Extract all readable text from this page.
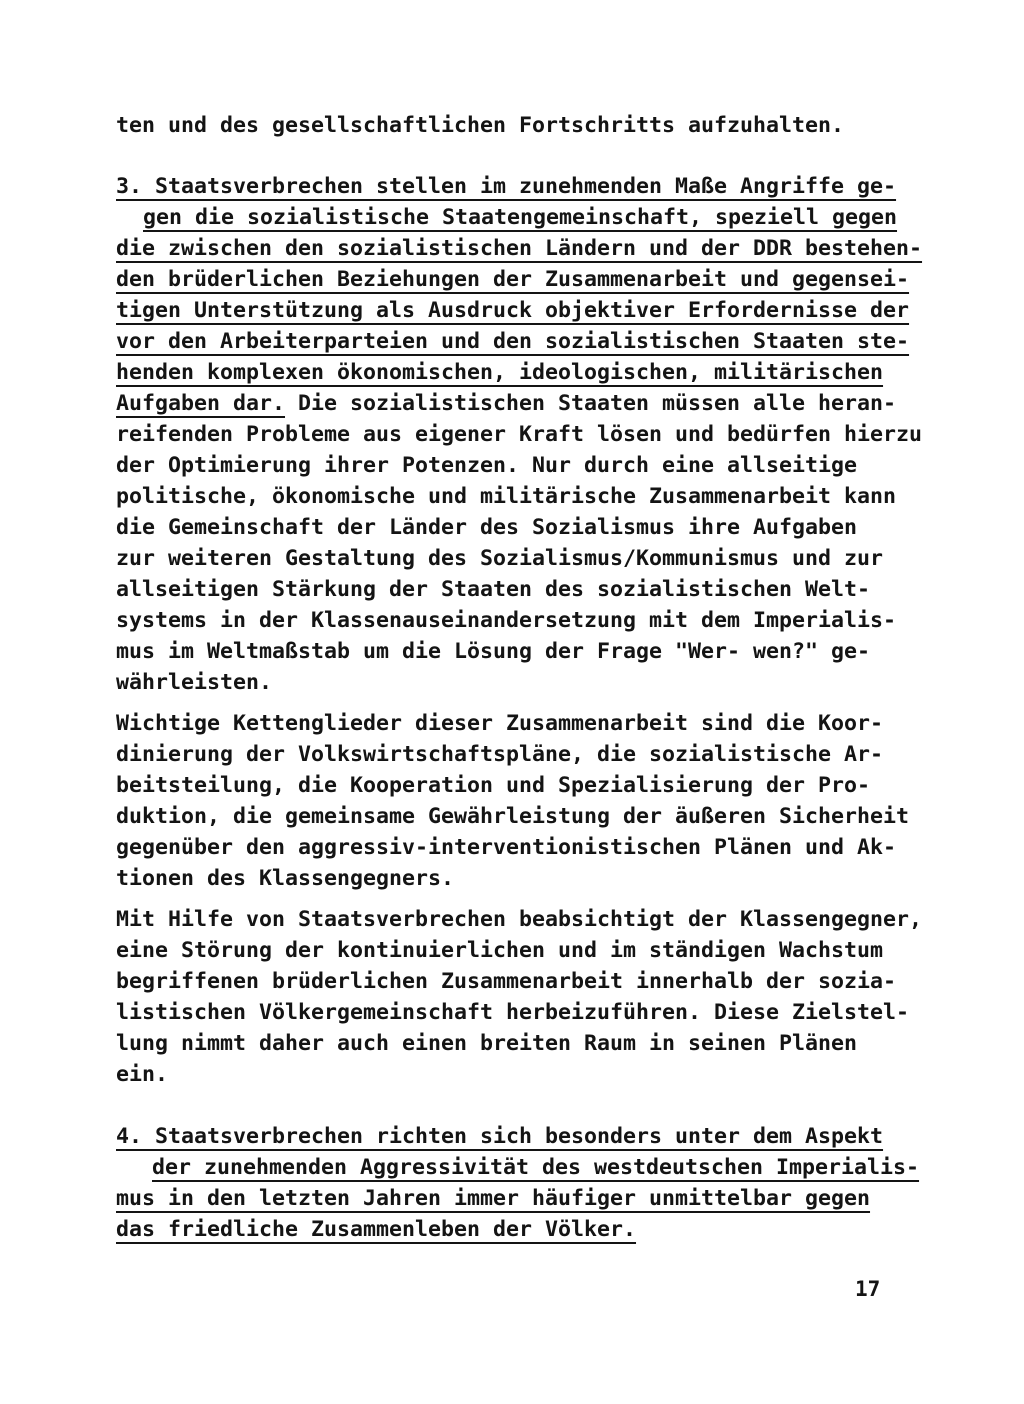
ten und des gesellschaftlichen Fortschritts aufzuhalten.
3. Staatsverbrechen stellen im zunehmenden Maße Angriffe ge-
gen die sozialistische Staatengemeinschaft, speziell gegen
die zwischen den sozialistischen Ländern und der DDR bestehen-
den brüderlichen Beziehungen der Zusammenarbeit und gegensei-
tigen Unterstützung als Ausdruck objektiver Erfordernisse der
vor den Arbeiterparteien und den sozialistischen Staaten ste-
henden komplexen ökonomischen, ideologischen, militärischen
Aufgaben dar. Die sozialistischen Staaten müssen alle heran-
reifenden Probleme aus eigener Kraft lösen und bedürfen hierzu
der Optimierung ihrer Potenzen. Nur durch eine allseitige
politische, ökonomische und militärische Zusammenarbeit kann
die Gemeinschaft der Länder des Sozialismus ihre Aufgaben
zur weiteren Gestaltung des Sozialismus/Kommunismus und zur
allseitigen Stärkung der Staaten des sozialistischen Welt-
systems in der Klassenauseinandersetzung mit dem Imperialis-
mus im Weltmaßstab um die Lösung der Frage "Wer- wen?" ge-
währleisten.
Wichtige Kettenglieder dieser Zusammenarbeit sind die Koor-
dinierung der Volkswirtschaftspläne, die sozialistische Ar-
beitsteilung, die Kooperation und Spezialisierung der Pro-
duktion, die gemeinsame Gewährleistung der äußeren Sicherheit
gegenüber den aggressiv-interventionistischen Plänen und Ak-
tionen des Klassengegners.
Mit Hilfe von Staatsverbrechen beabsichtigt der Klassengegner,
eine Störung der kontinuierlichen und im ständigen Wachstum
begriffenen brüderlichen Zusammenarbeit innerhalb der sozia-
listischen Völkergemeinschaft herbeizuführen. Diese Zielstel-
lung nimmt daher auch einen breiten Raum in seinen Plänen
ein.
4. Staatsverbrechen richten sich besonders unter dem Aspekt
der zunehmenden Aggressivität des westdeutschen Imperialis-
mus in den letzten Jahren immer häufiger unmittelbar gegen
das friedliche Zusammenleben der Völker.
17
